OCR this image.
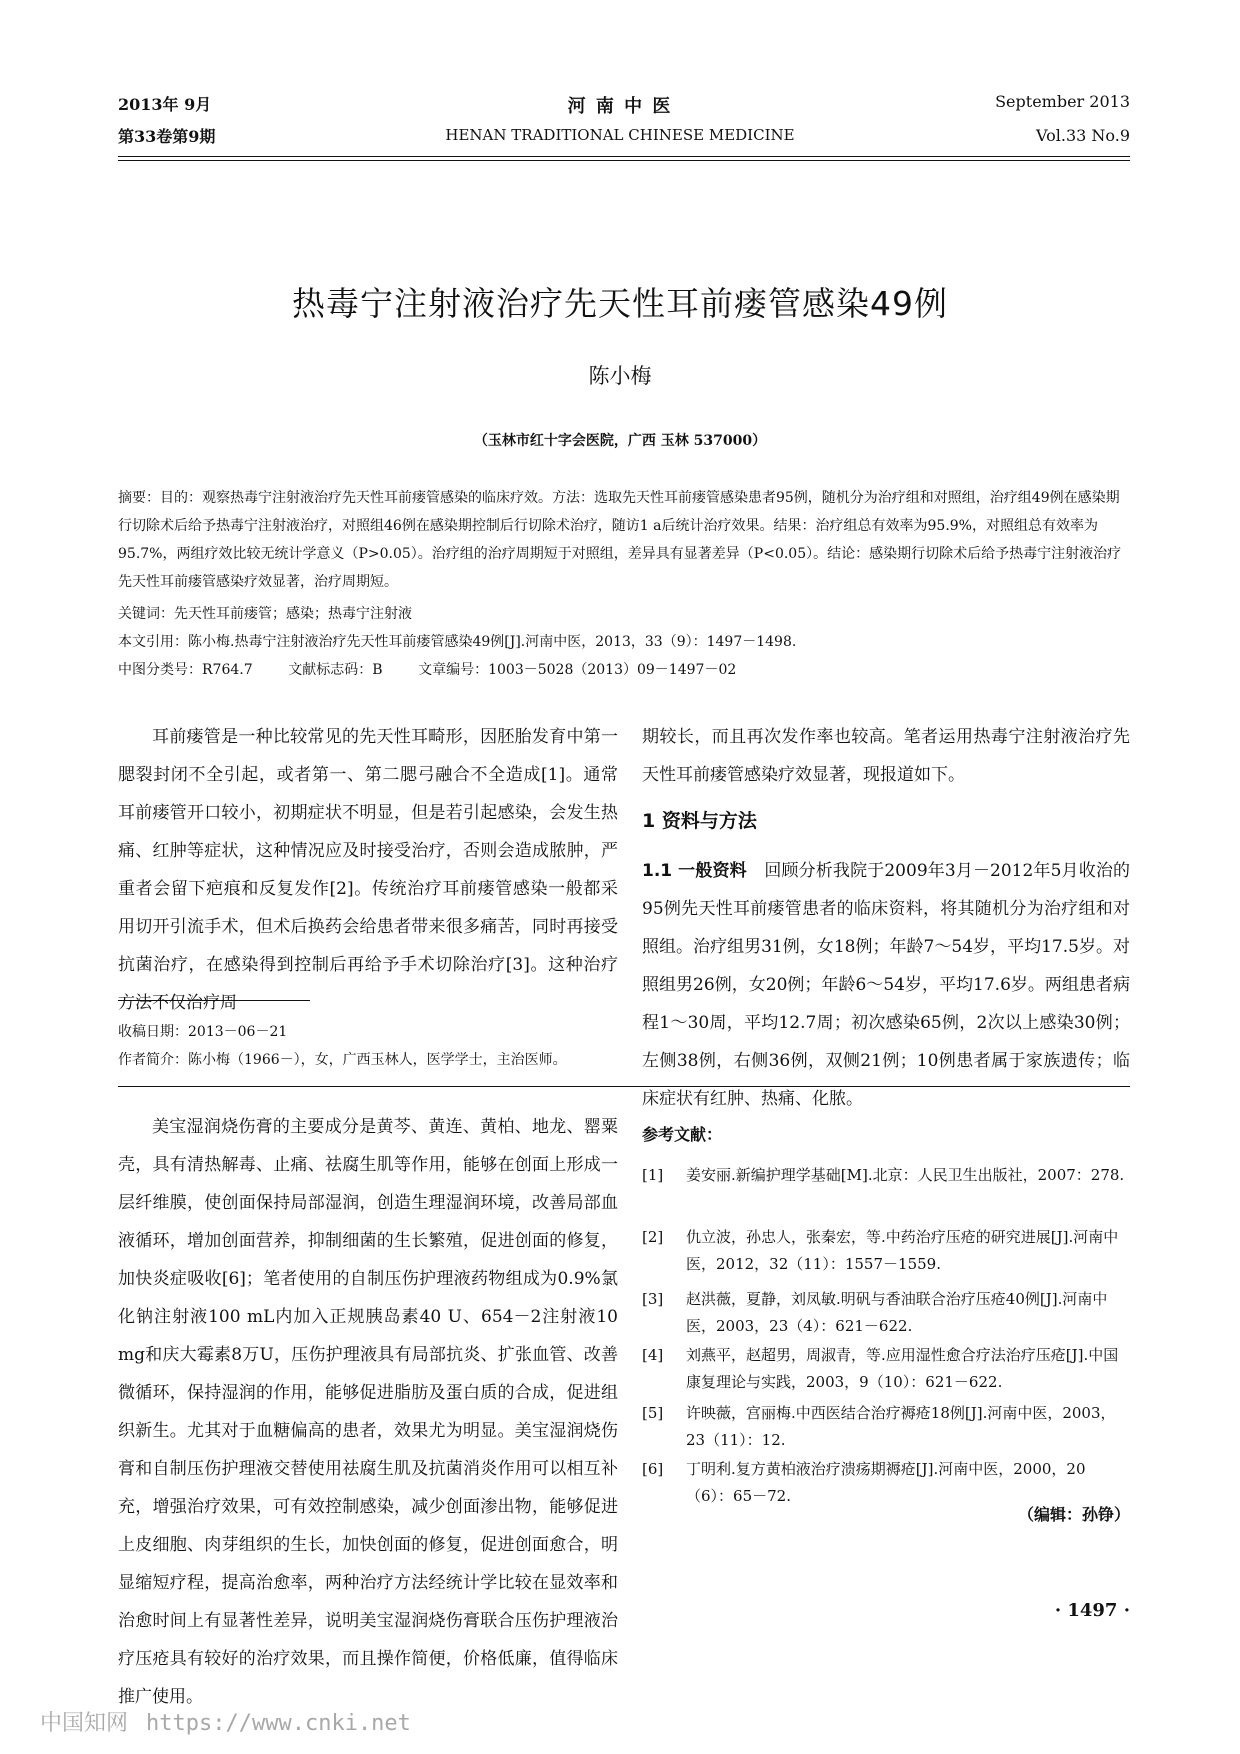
2013年 9月	河 南 中 医	September 2013
第33卷第9期	HENAN TRADITIONAL CHINESE MEDICINE	Vol.33 No.9
热毒宁注射液治疗先天性耳前瘘管感染49例
陈小梅
（玉林市红十字会医院，广西 玉林 537000）
摘要：目的：观察热毒宁注射液治疗先天性耳前瘘管感染的临床疗效。方法：选取先天性耳前瘘管感染患者95例，随机分为治疗组和对照组，治疗组49例在感染期行切除术后给予热毒宁注射液治疗，对照组46例在感染期控制后行切除术治疗，随访1 a后统计治疗效果。结果：治疗组总有效率为95.9%，对照组总有效率为95.7%，两组疗效比较无统计学意义（P>0.05）。治疗组的治疗周期短于对照组，差异具有显著差异（P<0.05）。结论：感染期行切除术后给予热毒宁注射液治疗先天性耳前瘘管感染疗效显著，治疗周期短。
关键词：先天性耳前瘘管；感染；热毒宁注射液
本文引用：陈小梅.热毒宁注射液治疗先天性耳前瘘管感染49例[J].河南中医，2013，33（9）：1497－1498.
中图分类号：R764.7        文献标志码：B        文章编号：1003－5028（2013）09－1497－02
耳前瘘管是一种比较常见的先天性耳畸形，因胚胎发育中第一腮裂封闭不全引起，或者第一、第二腮弓融合不全造成[1]。通常耳前瘘管开口较小，初期症状不明显，但是若引起感染，会发生热痛、红肿等症状，这种情况应及时接受治疗，否则会造成脓肿，严重者会留下疤痕和反复发作[2]。传统治疗耳前瘘管感染一般都采用切开引流手术，但术后换药会给患者带来很多痛苦，同时再接受抗菌治疗，在感染得到控制后再给予手术切除治疗[3]。这种治疗方法不仅治疗周
期较长，而且再次发作率也较高。笔者运用热毒宁注射液治疗先天性耳前瘘管感染疗效显著，现报道如下。
1 资料与方法
1.1 一般资料 回顾分析我院于2009年3月－2012年5月收治的95例先天性耳前瘘管患者的临床资料，将其随机分为治疗组和对照组。治疗组男31例，女18例；年龄7～54岁，平均17.5岁。对照组男26例，女20例；年龄6～54岁，平均17.6岁。两组患者病程1～30周，平均12.7周；初次感染65例，2次以上感染30例；左侧38例，右侧36例，双侧21例；10例患者属于家族遗传；临床症状有红肿、热痛、化脓。
收稿日期：2013－06－21
作者简介：陈小梅（1966－），女，广西玉林人，医学学士，主治医师。
美宝湿润烧伤膏的主要成分是黄芩、黄连、黄柏、地龙、罂粟壳，具有清热解毒、止痛、祛腐生肌等作用，能够在创面上形成一层纤维膜，使创面保持局部湿润，创造生理湿润环境，改善局部血液循环，增加创面营养，抑制细菌的生长繁殖，促进创面的修复，加快炎症吸收[6]；笔者使用的自制压伤护理液药物组成为0.9%氯化钠注射液100 mL内加入正规胰岛素40 U、654－2注射液10 mg和庆大霉素8万U，压伤护理液具有局部抗炎、扩张血管、改善微循环，保持湿润的作用，能够促进脂肪及蛋白质的合成，促进组织新生。尤其对于血糖偏高的患者，效果尤为明显。美宝湿润烧伤膏和自制压伤护理液交替使用祛腐生肌及抗菌消炎作用可以相互补充，增强治疗效果，可有效控制感染，减少创面渗出物，能够促进上皮细胞、肉芽组织的生长，加快创面的修复，促进创面愈合，明显缩短疗程，提高治愈率，两种治疗方法经统计学比较在显效率和治愈时间上有显著性差异，说明美宝湿润烧伤膏联合压伤护理液治疗压疮具有较好的治疗效果，而且操作简便，价格低廉，值得临床推广使用。
参考文献：
[1] 姜安丽.新编护理学基础[M].北京：人民卫生出版社，2007：278.
[2] 仇立波，孙忠人，张秦宏，等.中药治疗压疮的研究进展[J].河南中医，2012，32（11）：1557－1559.
[3] 赵洪薇，夏静，刘凤敏.明矾与香油联合治疗压疮40例[J].河南中医，2003，23（4）：621－622.
[4] 刘燕平，赵超男，周淑青，等.应用湿性愈合疗法治疗压疮[J].中国康复理论与实践，2003，9（10）：621－622.
[5] 许映薇，宫丽梅.中西医结合治疗褥疮18例[J].河南中医，2003，23（11）：12.
[6] 丁明利.复方黄柏液治疗溃疡期褥疮[J].河南中医，2000，20（6）：65－72.
（编辑：孙铮）
· 1497 ·
中国知网 https://www.cnki.net
